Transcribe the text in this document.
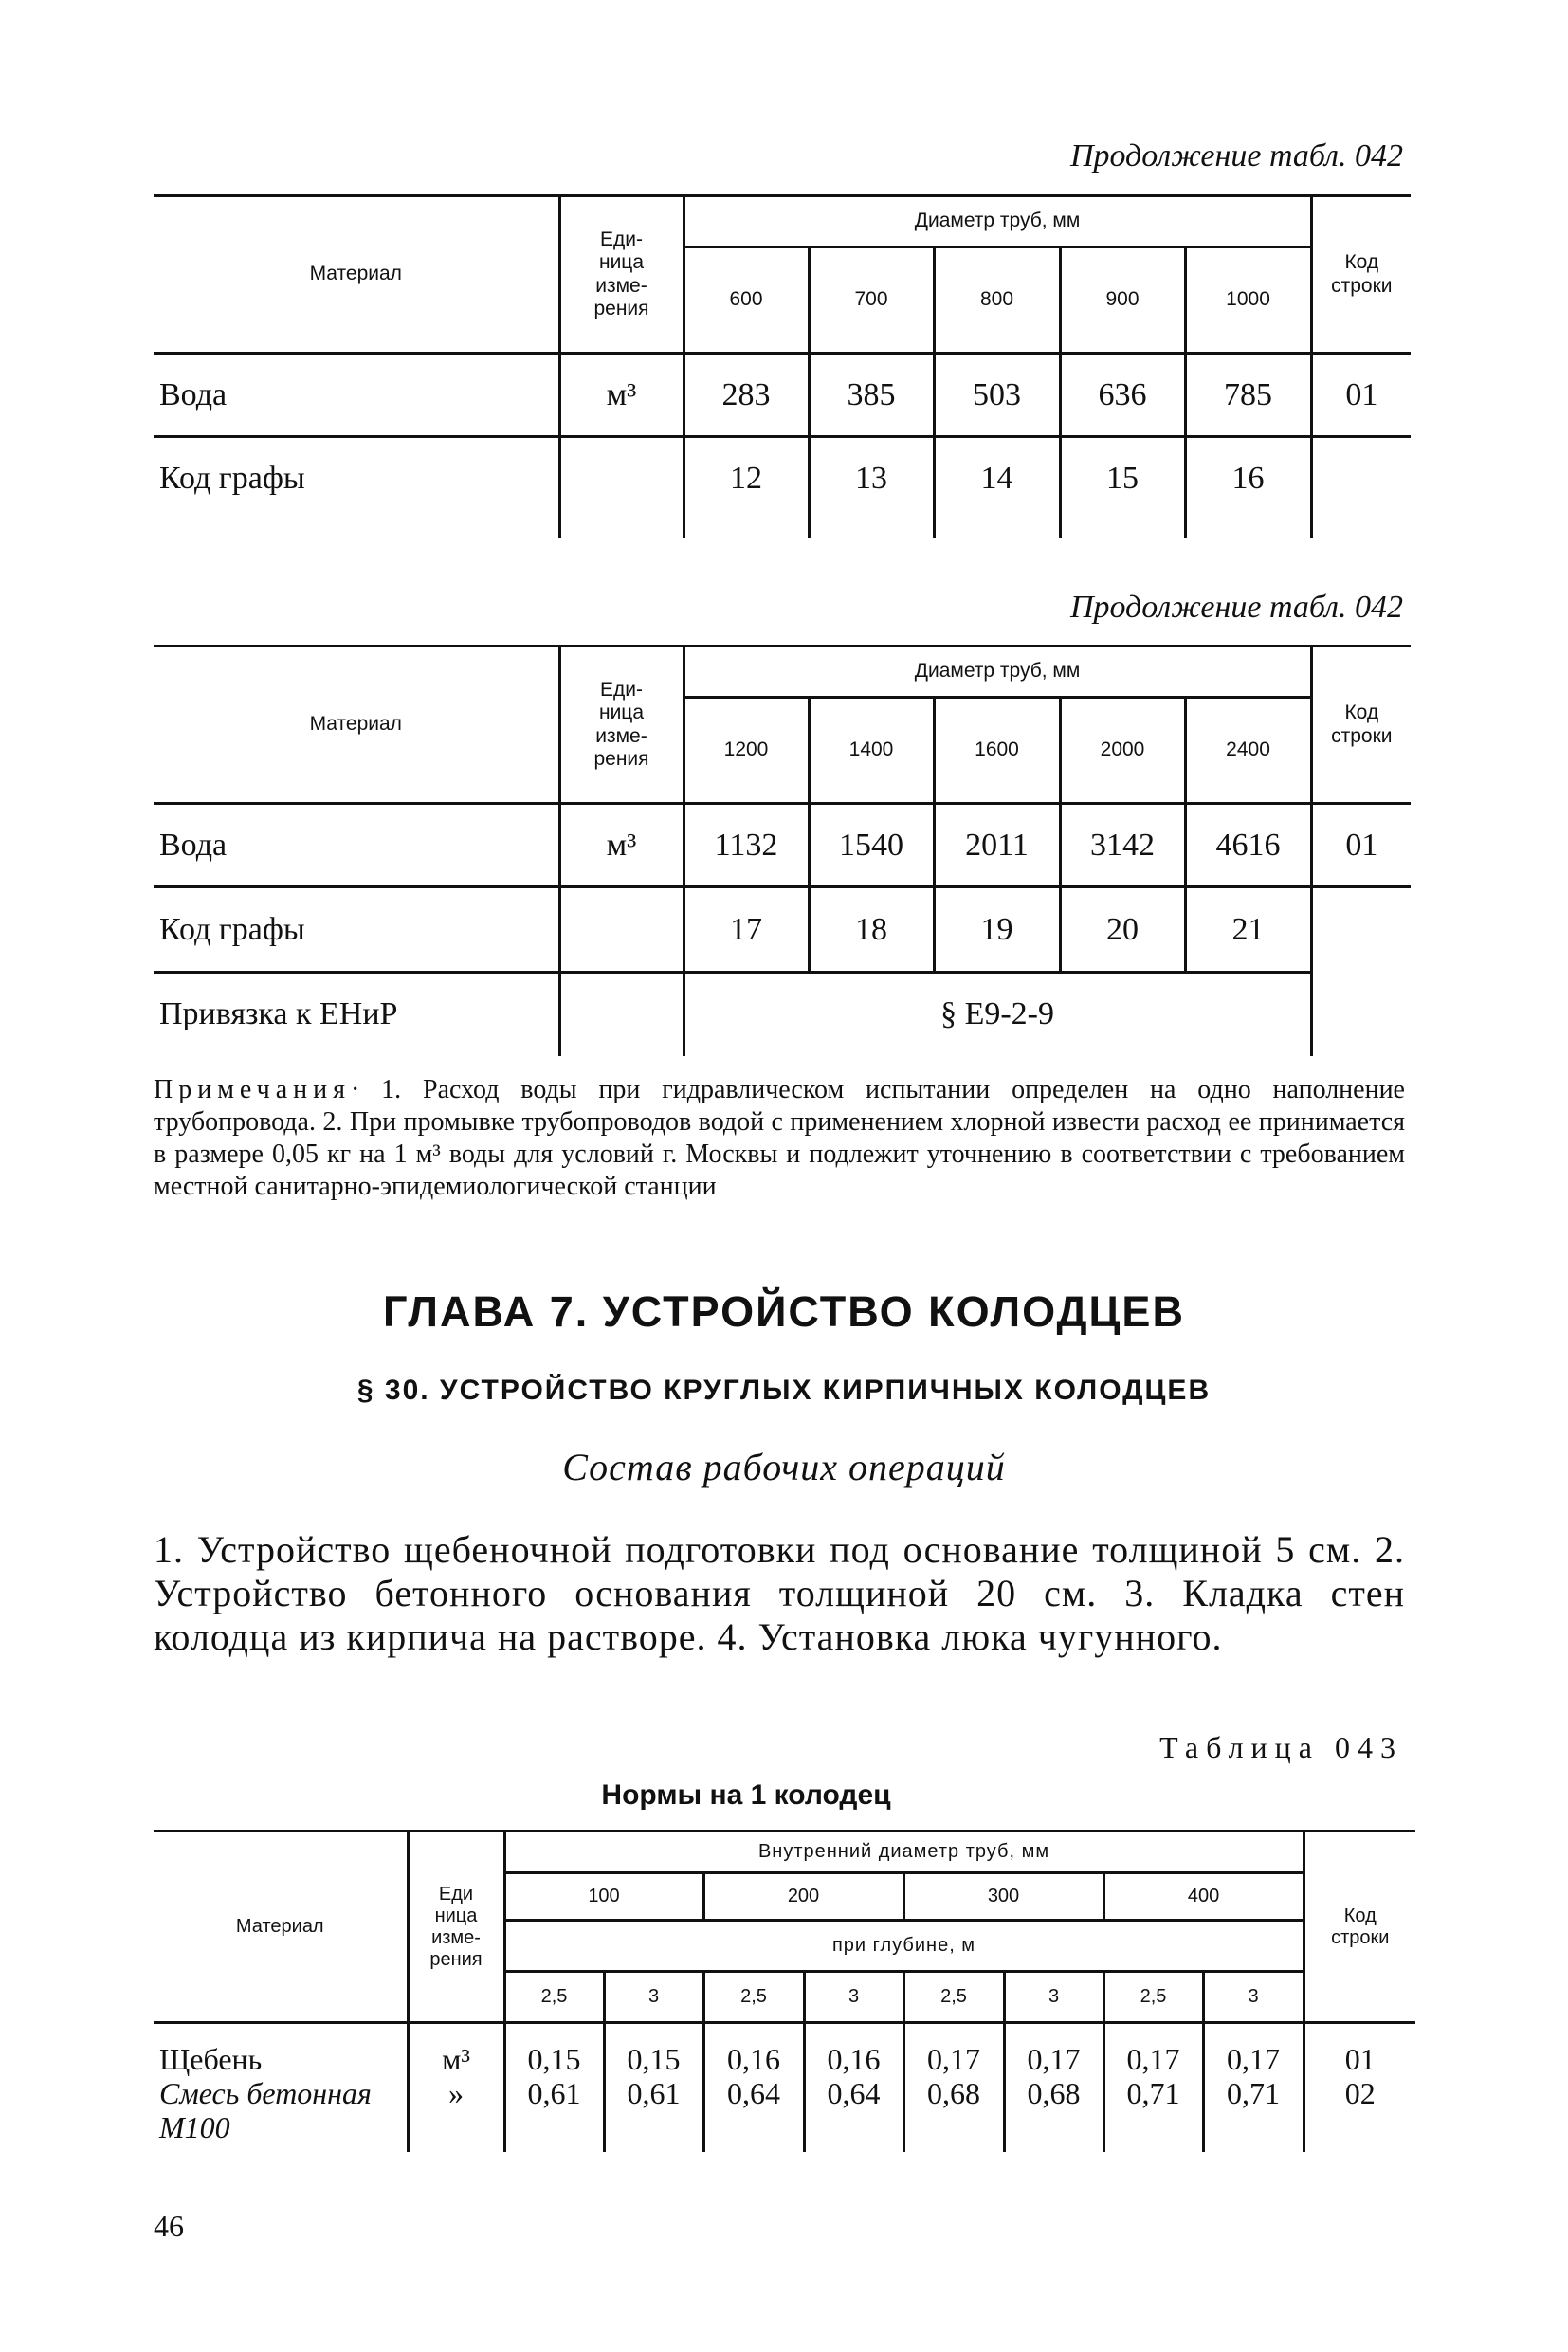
Продолжение табл. 042
Материал	Еди-
ница
изме-
рения	Диаметр труб, мм					Код
строки
		600	700	800	900	1000	
Вода	м³	283	385	503	636	785	01
Код графы		12	13	14	15	16	
Продолжение табл. 042
Материал	Еди-
ница
изме-
рения	Диаметр труб, мм					Код
строки
		1200	1400	1600	2000	2400	
Вода	м³	1132	1540	2011	3142	4616	01
Код графы		17	18	19	20	21	
Привязка к ЕНиР		§ Е9-2-9					
Примечания· 1. Расход воды при гидравлическом испытании определен на одно наполнение трубопровода. 2. При промывке трубопроводов водой с применением хлорной извести расход ее принимается в размере 0,05 кг на 1 м³ воды для условий г. Москвы и подлежит уточнению в соответствии с требованием местной санитарно-эпидемиологической станции
ГЛАВА 7. УСТРОЙСТВО КОЛОДЦЕВ
§ 30. УСТРОЙСТВО КРУГЛЫХ КИРПИЧНЫХ КОЛОДЦЕВ
Состав рабочих операций
1. Устройство щебеночной подготовки под основание толщиной 5 см. 2. Устройство бетонного основания толщиной 20 см. 3. Кладка стен колодца из кирпича на растворе. 4. Установка люка чугунного.
Таблица 043
Нормы на 1 колодец
Материал	Еди
ница
изме-
рения	Внутренний диаметр труб, мм								Код
строки
		100		200		300		400		
		при глубине, м								
		2,5	3	2,5	3	2,5	3	2,5	3	
Щебень	м³	0,15	0,15	0,16	0,16	0,17	0,17	0,17	0,17	01
Смесь бетонная М100	»	0,61	0,61	0,64	0,64	0,68	0,68	0,71	0,71	02
46
